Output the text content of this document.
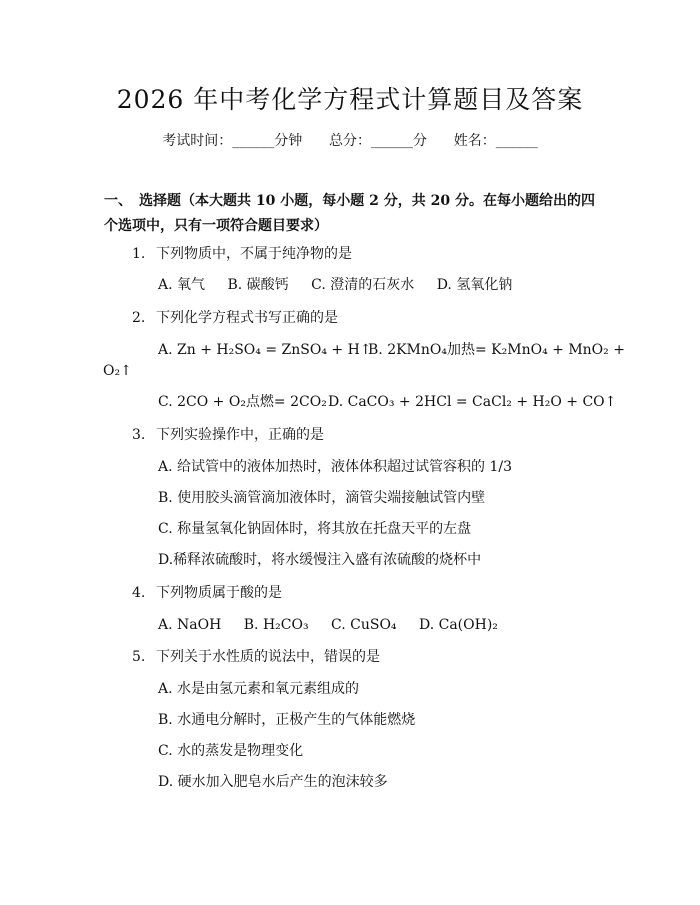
2026 年中考化学方程式计算题目及答案
考试时间：______分钟 总分：______分 姓名：______
一、　选择题（本大题共 10 小题，每小题 2 分，共 20 分。在每小题给出的四个选项中，只有一项符合题目要求）
1. 下列物质中，不属于纯净物的是
A. 氧气 B. 碳酸钙 C. 澄清的石灰水 D. 氢氧化钠
2. 下列化学方程式书写正确的是
A. Zn + H₂SO₄ = ZnSO₄ + H↑
B. 2KMnO₄加热= K₂MnO₄ + MnO₂ +
O₂↑
C. 2CO + O₂点燃= 2CO₂ D. CaCO₃ + 2HCl = CaCl₂ + H₂O + CO↑
3. 下列实验操作中，正确的是
A. 给试管中的液体加热时，液体体积超过试管容积的 1/3
B. 使用胶头滴管滴加液体时，滴管尖端接触试管内壁
C. 称量氢氧化钠固体时，将其放在托盘天平的左盘
D.稀释浓硫酸时，将水缓慢注入盛有浓硫酸的烧杯中
4. 下列物质属于酸的是
A. NaOH B. H₂CO₃ C. CuSO₄ D. Ca(OH)₂
5. 下列关于水性质的说法中，错误的是
A. 水是由氢元素和氧元素组成的
B. 水通电分解时，正极产生的气体能燃烧
C. 水的蒸发是物理变化
D. 硬水加入肥皂水后产生的泡沫较多
